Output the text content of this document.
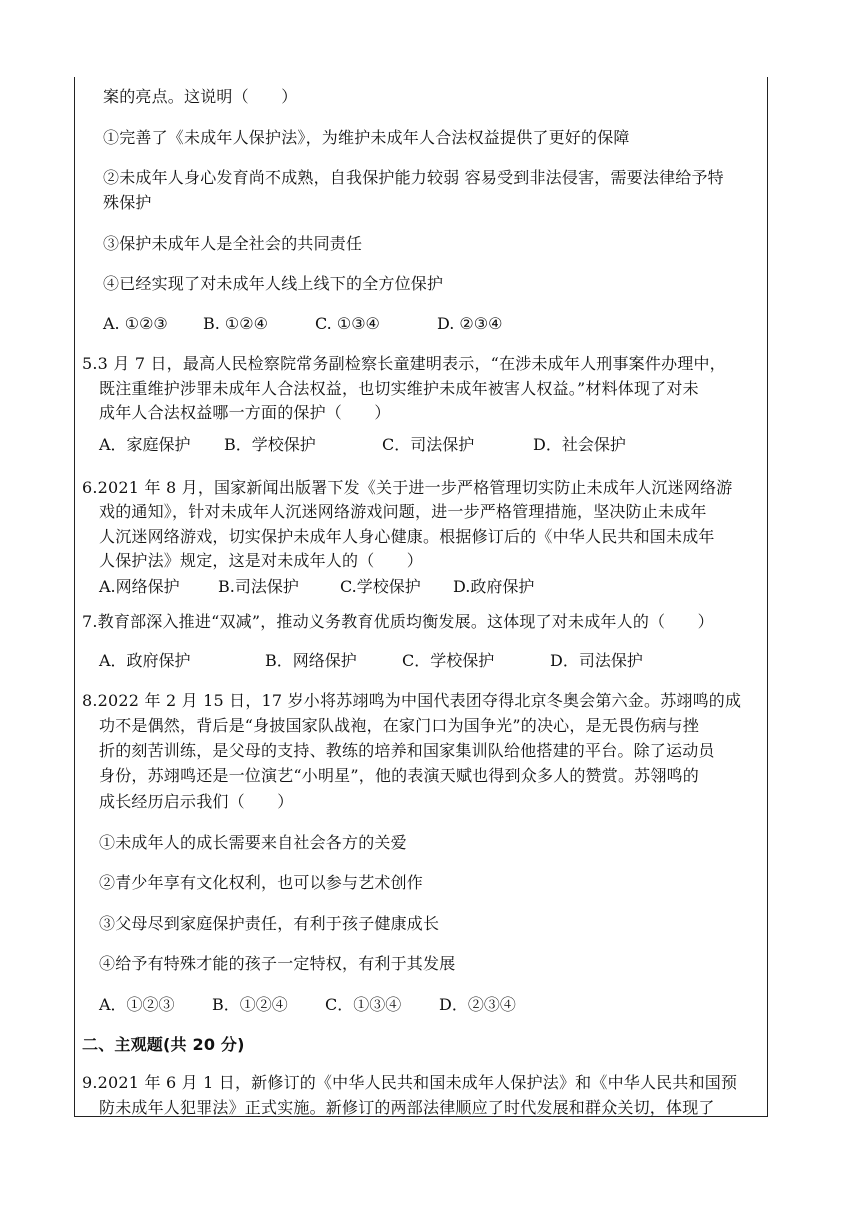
案的亮点。这说明（　　）
①完善了《未成年人保护法》，为维护未成年人合法权益提供了更好的保障
②未成年人身心发育尚不成熟，自我保护能力较弱 容易受到非法侵害，需要法律给予特
殊保护
③保护未成年人是全社会的共同责任
④已经实现了对未成年人线上线下的全方位保护
A. ①②③ B. ①②④	C. ①③④	D. ②③④
5.3 月 7 日，最高人民检察院常务副检察长童建明表示，“在涉未成年人刑事案件办理中，
既注重维护涉罪未成年人合法权益，也切实维护未成年被害人权益。”材料体现了对未
成年人合法权益哪一方面的保护（　　）
A．家庭保护 B．学校保护	C．司法保护	D．社会保护
6.2021 年 8 月，国家新闻出版署下发《关于进一步严格管理切实防止未成年人沉迷网络游
戏的通知》，针对未成年人沉迷网络游戏问题，进一步严格管理措施，坚决防止未成年
人沉迷网络游戏，切实保护未成年人身心健康。根据修订后的《中华人民共和国未成年
人保护法》规定，这是对未成年人的（　　）
A.网络保护 B.司法保护	C.学校保护 D.政府保护
7.教育部深入推进“双减”，推动义务教育优质均衡发展。这体现了对未成年人的（　　）
A．政府保护	B．网络保护	C．学校保护	D．司法保护
8.2022 年 2 月 15 日，17 岁小将苏翊鸣为中国代表团夺得北京冬奥会第六金。苏翊鸣的成
功不是偶然，背后是“身披国家队战袍，在家门口为国争光”的决心，是无畏伤病与挫
折的刻苦训练，是父母的支持、教练的培养和国家集训队给他搭建的平台。除了运动员
身份，苏翊鸣还是一位演艺“小明星”，他的表演天赋也得到众多人的赞赏。苏翎鸣的
成长经历启示我们（　　）
①未成年人的成长需要来自社会各方的关爱
②青少年享有文化权利，也可以参与艺术创作
③父母尽到家庭保护责任，有利于孩子健康成长
④给予有特殊才能的孩子一定特权，有利于其发展
A．①②③ B．①②④ C．①③④ D．②③④
二、主观题(共 20 分)
9.2021 年 6 月 1 日，新修订的《中华人民共和国未成年人保护法》和《中华人民共和国预
防未成年人犯罪法》正式实施。新修订的两部法律顺应了时代发展和群众关切，体现了
